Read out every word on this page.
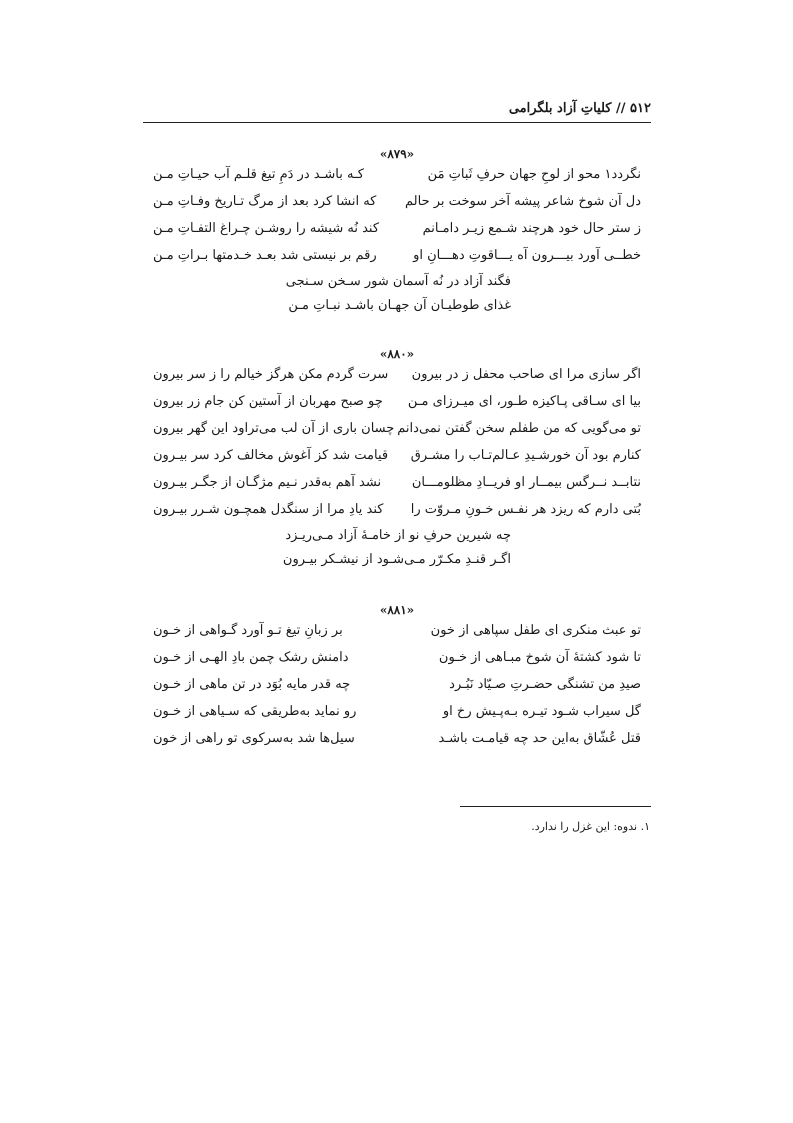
۵۱۲ // کلیاتِ آزاد بلگرامی
«۸۷۹»
نگردد۱ محو از لوحِ جهان حرفِ ثَباتِ مَن
کـه باشـد در دَمِ تیغ قلـم آب حیـاتِ مـن
دل آن شوخ شاعر پیشه آخر سوخت بر حالم
که انشا کرد بعد از مرگ تـاریخ وفـاتِ مـن
ز ستر حال خود هرچند شـمع زیـر دامـانم
کند نُه شیشه را روشـن چـراغ التفـاتِ مـن
خطــی آورد بیـــرون آه یـــاقوتِ دهـــانِ او
رقم بر نیستی شد بعـد خـدمتها بـراتِ مـن
فگند آزاد در نُه آسمان شور سـخن سـنجی
غذای طوطیـان آن جهـان باشـد نبـاتِ مـن
«۸۸۰»
اگر سازی مرا ای صاحب محفل ز در بیرون
سرت گردم مکن هرگز خیالم را ز سر بیرون
بیا ای سـاقی پـاکیزه طـور، ای میـرزای مـن
چو صبح مهربان از آستین کن جام زر بیرون
تو می‌گویی که من طفلم سخن گفتن نمی‌دانم
چسان باری از آن لب می‌تراود این گهر بیرون
کنارم بود آن خورشـیدِ عـالم‌تـاب را مشـرق
قیامت شد کز آغوش مخالف کرد سر بیـرون
نتابــد نــرگس بیمــار او فریــادِ مظلومـــان
نشد آهم به‌قدر نـیم مژگـان از جگـر بیـرون
بُتی دارم که ریزد هر نفـس خـونِ مـروّت را
کند یادِ مرا از سنگدل همچـون شـرر بیـرون
چه شیرین حرفِ نو از خامـهٔ آزاد مـی‌ریـزد
اگـر قنـدِ مکـرّر مـی‌شـود از نیشـکر بیـرون
«۸۸۱»
تو عبث منکری ای طفل سپاهی از خون
بر زبانِ تیغ تـو آورد گـواهی از خـون
تا شود کشتهٔ آن شوخ مبـاهی از خـون
دامنش رشک چمن بادِ الهـی از خـون
صیدِ من تشنگی حضـرتِ صـیّاد نَبُـرد
چه قدر مایه بُوَد در تن ماهی از خـون
گل سیراب شـود تیـره بـه‌پـیش رخ او
رو نماید به‌طریقی که سـیاهی از خـون
قتل عُشّاق به‌این حد چه قیامـت باشـد
سیل‌ها شد به‌سرکوی تو راهی از خون
۱. ندوه: این غزل را ندارد.
